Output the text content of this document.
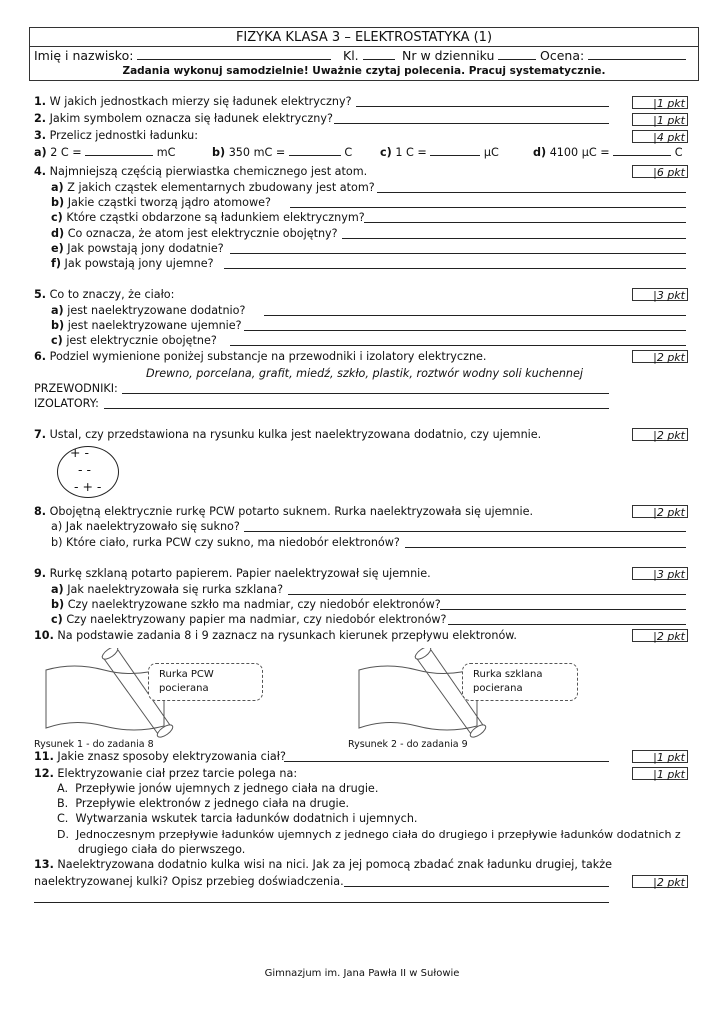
FIZYKA KLASA 3 – ELEKTROSTATYKA (1)
Imię i nazwisko:	Kl.	Nr w dzienniku	Ocena:
Zadania wykonuj samodzielnie! Uważnie czytaj polecenia. Pracuj systematycznie.
1. W jakich jednostkach mierzy się ładunek elektryczny?	|1 pkt
2. Jakim symbolem oznacza się ładunek elektryczny?	|1 pkt
3. Przelicz jednostki ładunku:	|4 pkt
a) 2 C =	mC	b) 350 mC =	C c) 1 C =	μC	d) 4100 μC =	C
4. Najmniejszą częścią pierwiastka chemicznego jest atom.	|6 pkt
a) Z jakich cząstek elementarnych zbudowany jest atom?
b) Jakie cząstki tworzą jądro atomowe?
c) Które cząstki obdarzone są ładunkiem elektrycznym?
d) Co oznacza, że atom jest elektrycznie obojętny?
e) Jak powstają jony dodatnie?
f) Jak powstają jony ujemne?
5. Co to znaczy, że ciało:	|3 pkt
a) jest naelektryzowane dodatnio?
b) jest naelektryzowane ujemnie?
c) jest elektrycznie obojętne?
6. Podziel wymienione poniżej substancje na przewodniki i izolatory elektryczne.	|2 pkt
Drewno, porcelana, grafit, miedź, szkło, plastik, roztwór wodny soli kuchennej
PRZEWODNIKI:
IZOLATORY:
7. Ustal, czy przedstawiona na rysunku kulka jest naelektryzowana dodatnio, czy ujemnie.	|2 pkt
+ -
- -
- + -
8. Obojętną elektrycznie rurkę PCW potarto suknem. Rurka naelektryzowała się ujemnie.	|2 pkt
a) Jak naelektryzowało się sukno?
b) Które ciało, rurka PCW czy sukno, ma niedobór elektronów?
9. Rurkę szklaną potarto papierem. Papier naelektryzował się ujemnie.	|3 pkt
a) Jak naelektryzowała się rurka szklana?
b) Czy naelektryzowane szkło ma nadmiar, czy niedobór elektronów?
c) Czy naelektryzowany papier ma nadmiar, czy niedobór elektronów?
10. Na podstawie zadania 8 i 9 zaznacz na rysunkach kierunek przepływu elektronów.	|2 pkt
Rurka PCW
pocierana
Rysunek 1 - do zadania 8
Rurka szklana
pocierana
Rysunek 2 - do zadania 9
11. Jakie znasz sposoby elektryzowania ciał?	|1 pkt
12. Elektryzowanie ciał przez tarcie polega na:	|1 pkt
A. Przepływie jonów ujemnych z jednego ciała na drugie.
B. Przepływie elektronów z jednego ciała na drugie.
C. Wytwarzania wskutek tarcia ładunków dodatnich i ujemnych.
D. Jednoczesnym przepływie ładunków ujemnych z jednego ciała do drugiego i przepływie ładunków dodatnich z
drugiego ciała do pierwszego.
13. Naelektryzowana dodatnio kulka wisi na nici. Jak za jej pomocą zbadać znak ładunku drugiej, także
naelektryzowanej kulki? Opisz przebieg doświadczenia.	|2 pkt
Gimnazjum im. Jana Pawła II w Sułowie
